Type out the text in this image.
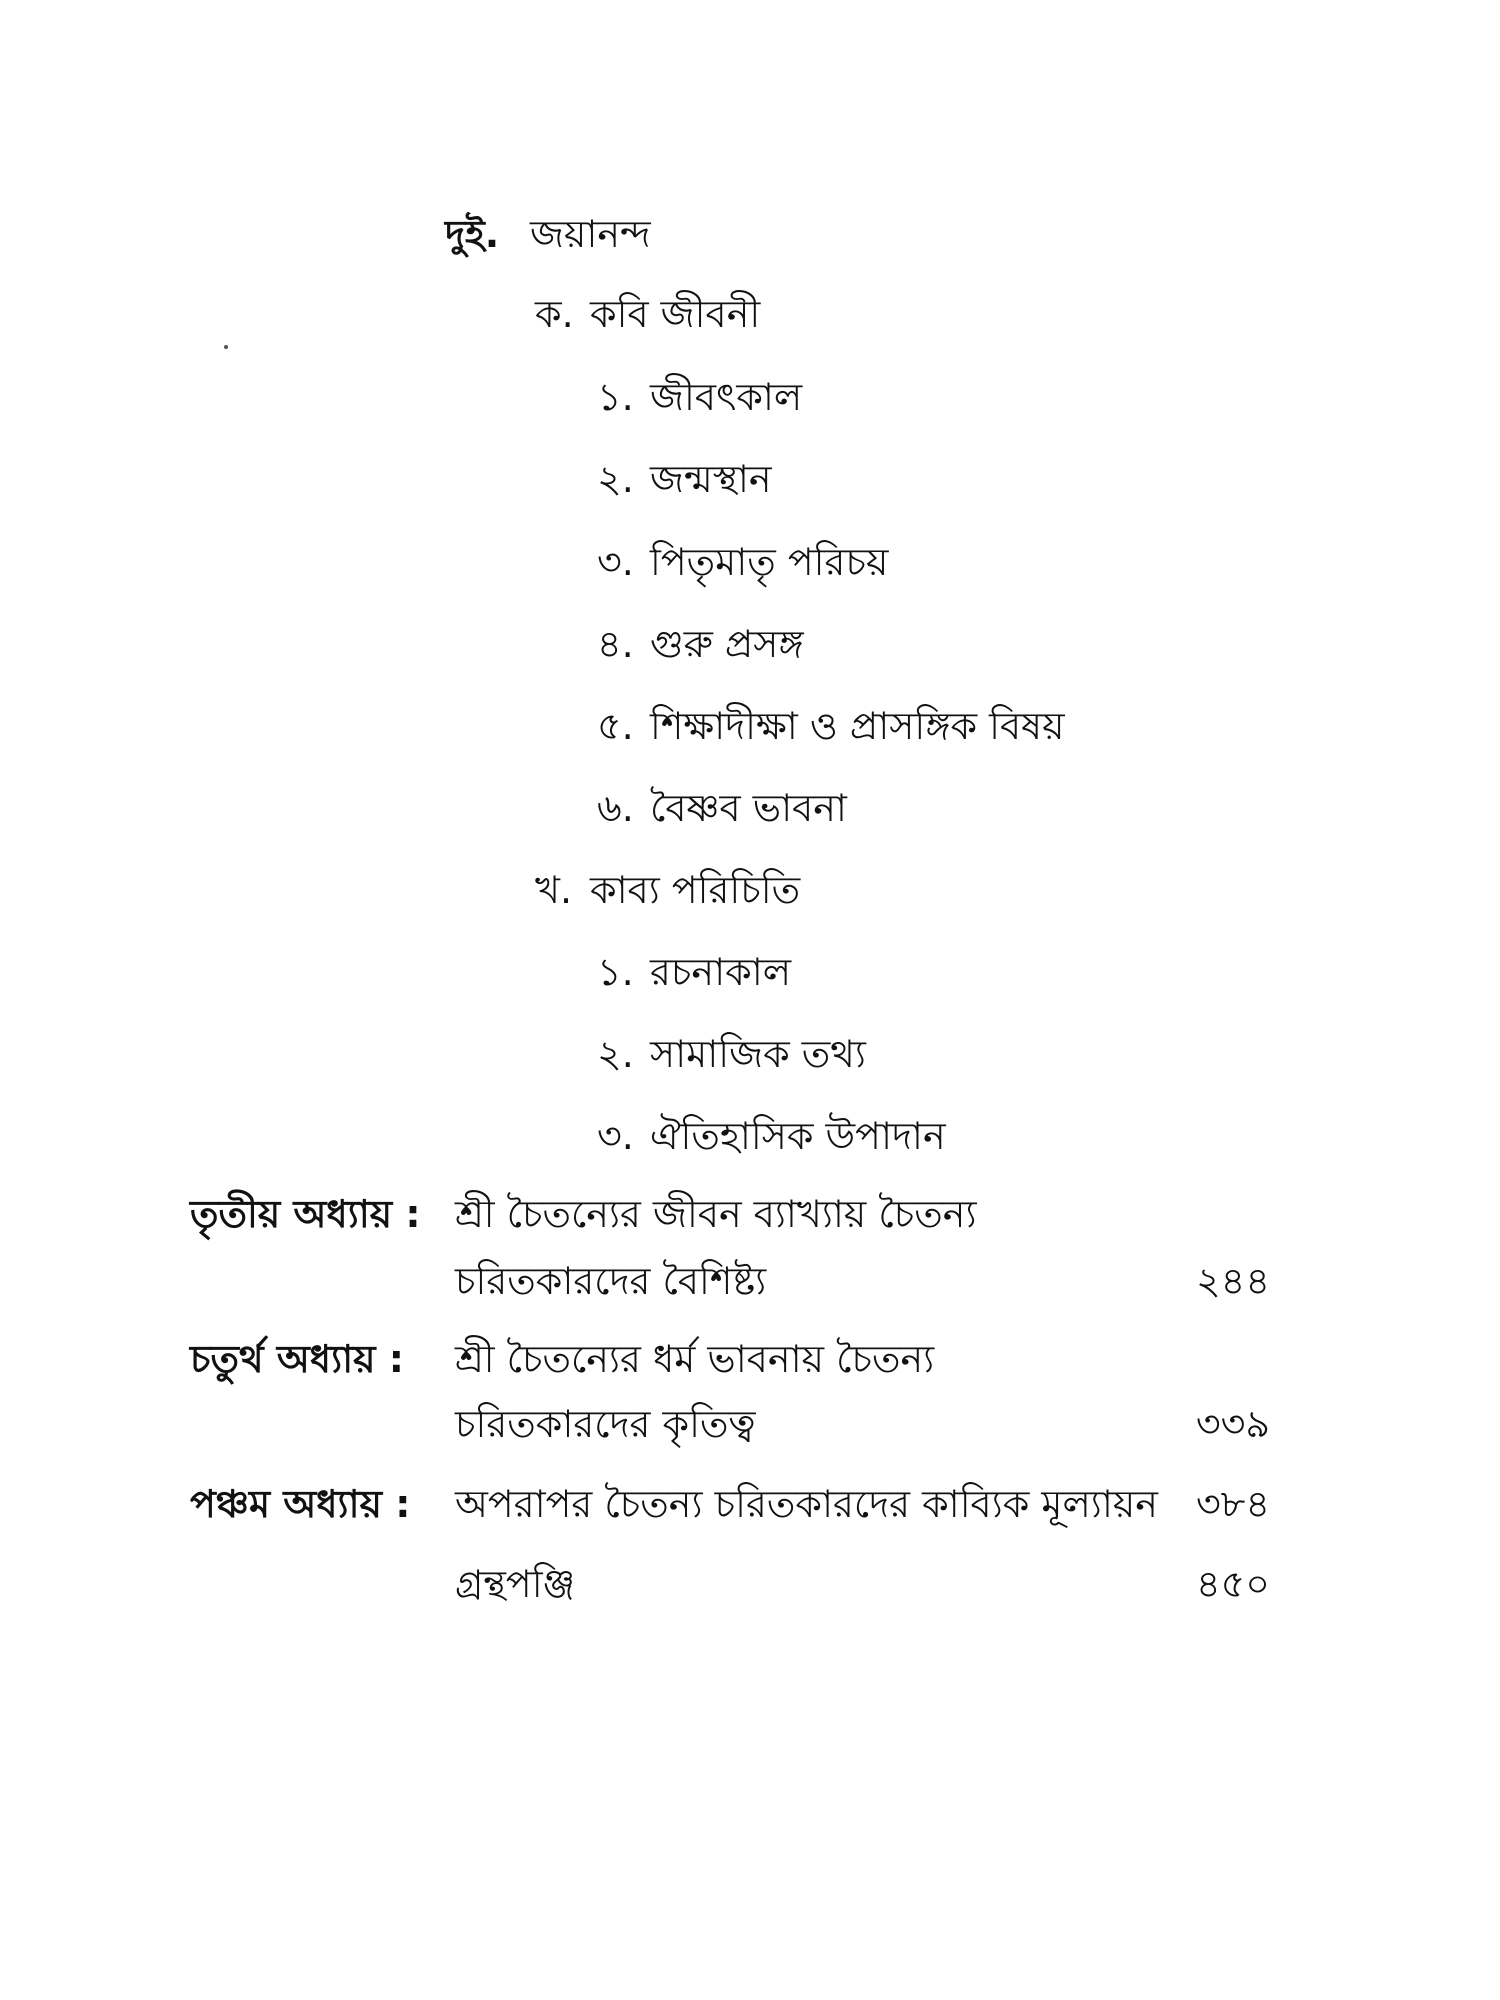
দুই. জয়ানন্দ
ক. কবি জীবনী
১. জীবৎকাল
২. জন্মস্থান
৩. পিতৃমাতৃ পরিচয়
৪. গুরু প্রসঙ্গ
৫. শিক্ষাদীক্ষা ও প্রাসঙ্গিক বিষয়
৬. বৈষ্ণব ভাবনা
খ. কাব্য পরিচিতি
১. রচনাকাল
২. সামাজিক তথ্য
৩. ঐতিহাসিক উপাদান
তৃতীয় অধ্যায় : শ্রী চৈতন্যের জীবন ব্যাখ্যায় চৈতন্য
চরিতকারদের বৈশিষ্ট্য	২৪৪
চতুর্থ অধ্যায় : শ্রী চৈতন্যের ধর্ম ভাবনায় চৈতন্য
চরিতকারদের কৃতিত্ব	৩৩৯
পঞ্চম অধ্যায় : অপরাপর চৈতন্য চরিতকারদের কাব্যিক মূল্যায়ন	৩৮৪
গ্রন্থপঞ্জি	৪৫০
